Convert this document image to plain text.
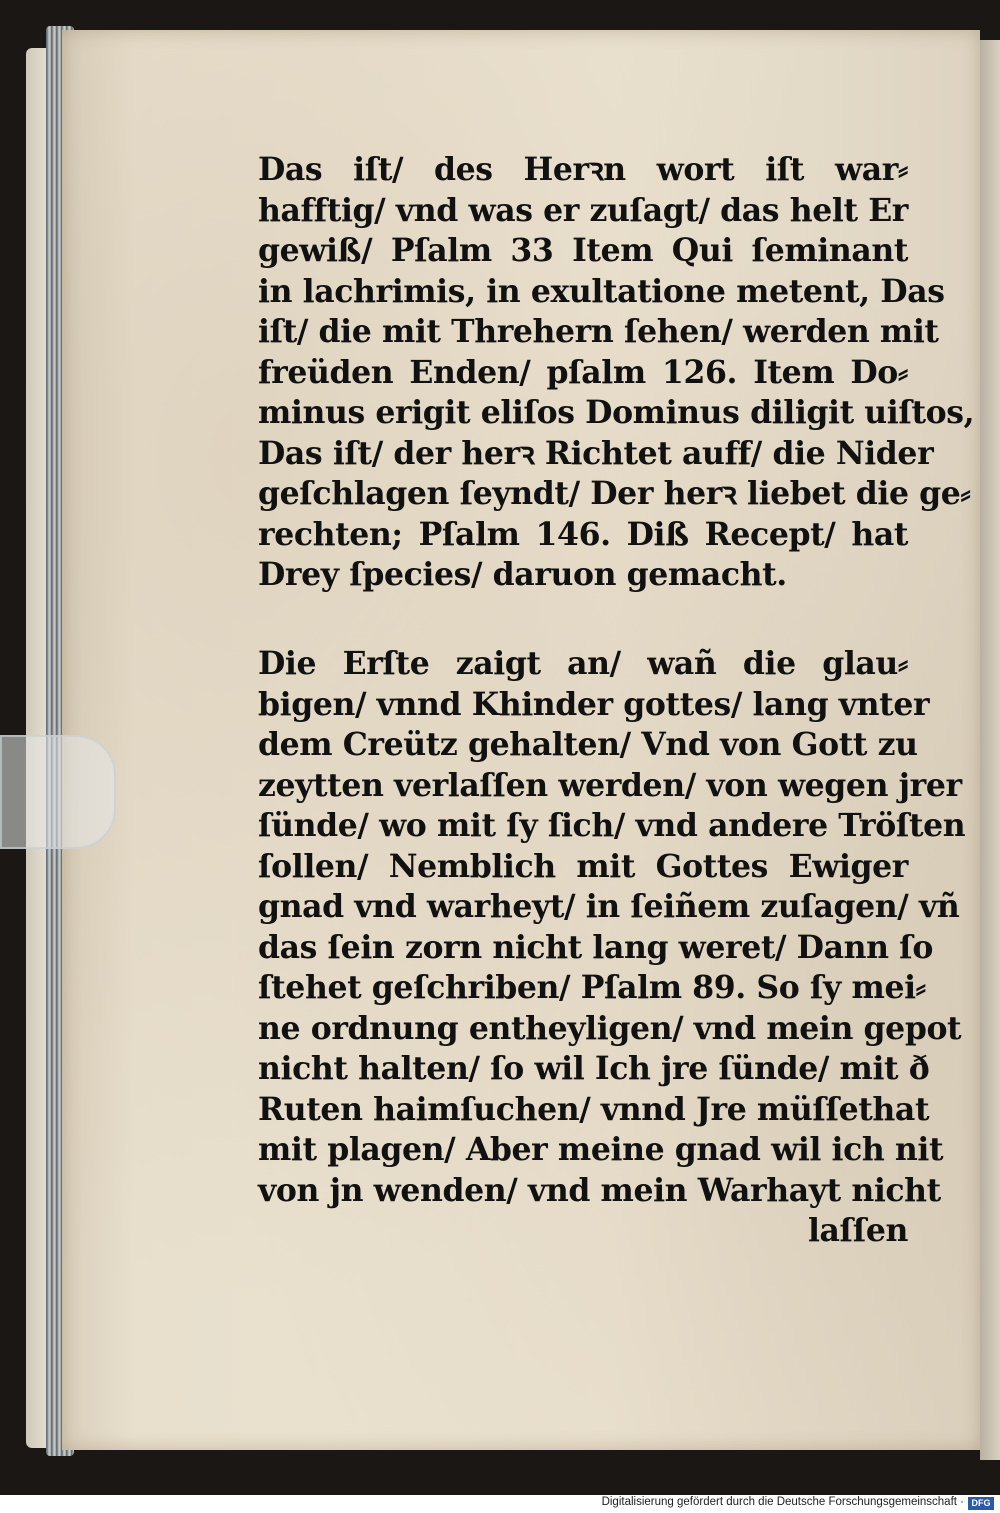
Das iſt/ des Herꝛn wort iſt war⸗
hafftig/ vnd was er zuſagt/ das helt Er
gewiß/ Pſalm 33 Item Qui ſeminant
in lachrimis, in exultatione metent, Das
iſt/ die mit Threhern ſehen/ werden mit
freüden Enden/ pſalm 126. Item Do⸗
minus erigit eliſos Dominus diligit uiſtos,
Das iſt/ der herꝛ Richtet auff/ die Nider
geſchlagen ſeyndt/ Der herꝛ liebet die ge⸗
rechten; Pſalm 146. Diß Recept/ hat
Drey ſpecies/ daruon gemacht.
Die Erſte zaigt an/ wañ die glau⸗
bigen/ vnnd Khinder gottes/ lang vnter
dem Creütz gehalten/ Vnd von Gott zu
zeytten verlaſſen werden/ von wegen jrer
ſünde/ wo mit ſy ſich/ vnd andere Tröſten
ſollen/ Nemblich mit Gottes Ewiger
gnad vnd warheyt/ in ſeiñem zuſagen/ vñ
das ſein zorn nicht lang weret/ Dann ſo
ſtehet geſchriben/ Pſalm 89. So ſy mei⸗
ne ordnung entheyligen/ vnd mein gepot
nicht halten/ ſo wil Ich jre ſünde/ mit ð
Ruten haimſuchen/ vnnd Jre müſſethat
mit plagen/ Aber meine gnad wil ich nit
von jn wenden/ vnd mein Warhayt nicht
laſſen
Digitalisierung gefördert durch die Deutsche Forschungsgemeinschaft · DFG
